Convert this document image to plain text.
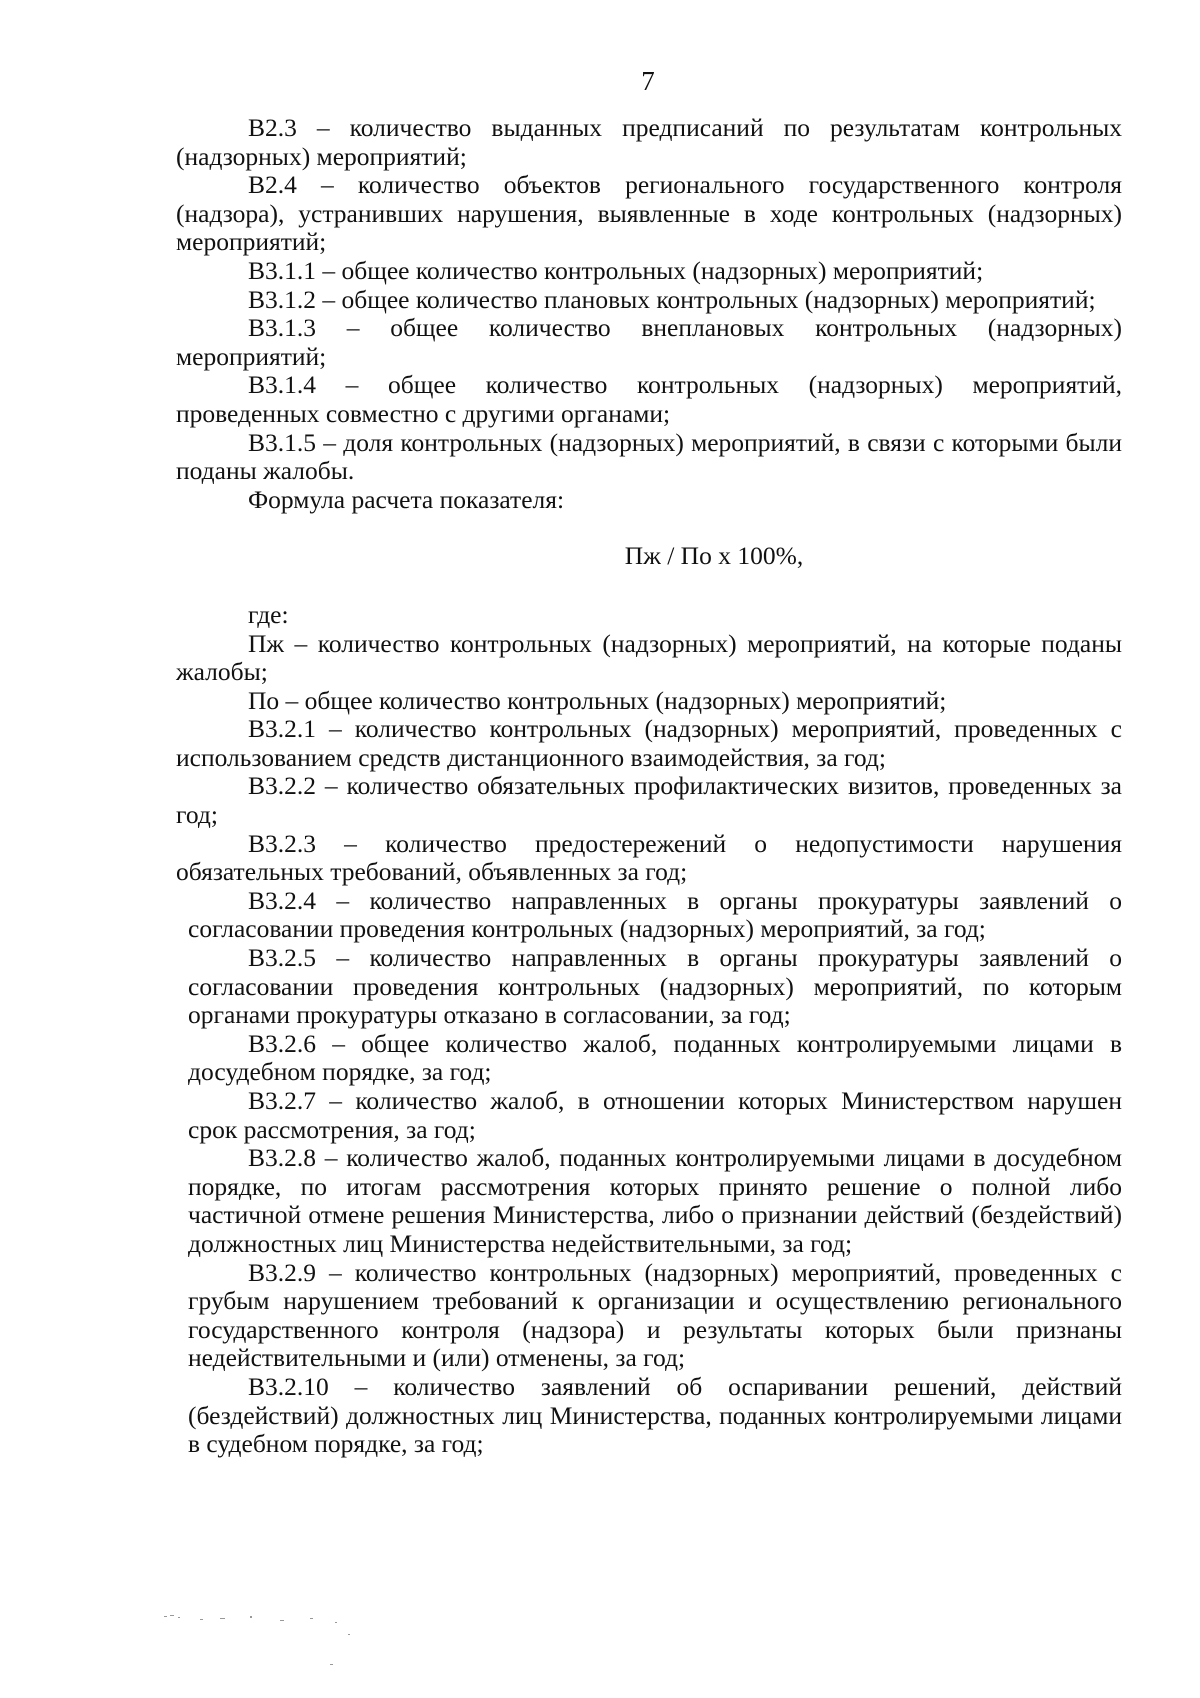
7

В2.3 – количество выданных предписаний по результатам контрольных (надзорных) мероприятий;

В2.4 – количество объектов регионального государственного контроля (надзора), устранивших нарушения, выявленные в ходе контрольных (надзорных) мероприятий;

В3.1.1 – общее количество контрольных (надзорных) мероприятий;

В3.1.2 – общее количество плановых контрольных (надзорных) мероприятий;

В3.1.3 – общее количество внеплановых контрольных (надзорных) мероприятий;

В3.1.4 – общее количество контрольных (надзорных) мероприятий, проведенных совместно с другими органами;

В3.1.5 – доля контрольных (надзорных) мероприятий, в связи с которыми были поданы жалобы.

Формула расчета показателя:

Пж / По х 100%,

где:

Пж – количество контрольных (надзорных) мероприятий, на которые поданы жалобы;

По – общее количество контрольных (надзорных) мероприятий;

В3.2.1 – количество контрольных (надзорных) мероприятий, проведенных с использованием средств дистанционного взаимодействия, за год;

В3.2.2 – количество обязательных профилактических визитов, проведенных за год;

В3.2.3 – количество предостережений о недопустимости нарушения обязательных требований, объявленных за год;

В3.2.4 – количество направленных в органы прокуратуры заявлений о согласовании проведения контрольных (надзорных) мероприятий, за год;

В3.2.5 – количество направленных в органы прокуратуры заявлений о согласовании проведения контрольных (надзорных) мероприятий, по которым органами прокуратуры отказано в согласовании, за год;

В3.2.6 – общее количество жалоб, поданных контролируемыми лицами в досудебном порядке, за год;

В3.2.7 – количество жалоб, в отношении которых Министерством нарушен срок рассмотрения, за год;

В3.2.8 – количество жалоб, поданных контролируемыми лицами в досудебном порядке, по итогам рассмотрения которых принято решение о полной либо частичной отмене решения Министерства, либо о признании действий (бездействий) должностных лиц Министерства недействительными, за год;

В3.2.9 – количество контрольных (надзорных) мероприятий, проведенных с грубым нарушением требований к организации и осуществлению регионального государственного контроля (надзора) и результаты которых были признаны недействительными и (или) отменены, за год;

В3.2.10 – количество заявлений об оспаривании решений, действий (бездействий) должностных лиц Министерства, поданных контролируемыми лицами в судебном порядке, за год;
